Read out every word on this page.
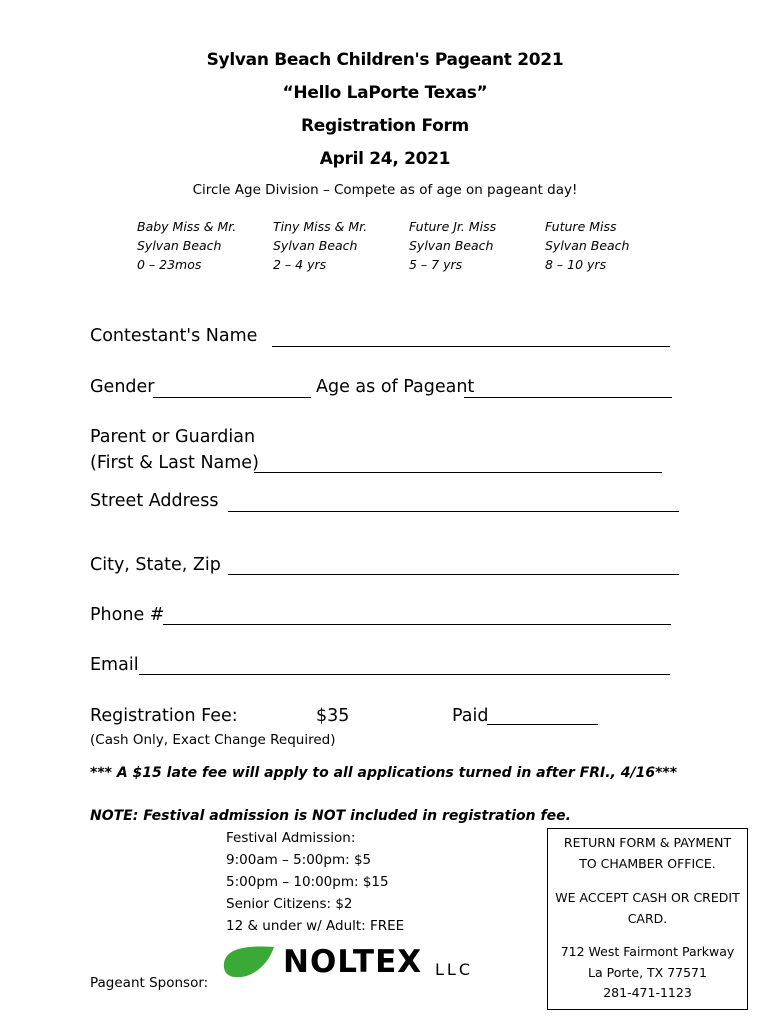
Sylvan Beach Children's Pageant 2021
“Hello LaPorte Texas”
Registration Form
April 24, 2021
Circle Age Division – Compete as of age on pageant day!
Baby Miss & Mr.
Sylvan Beach
0 – 23mos
Tiny Miss & Mr.
Sylvan Beach
2 – 4 yrs
Future Jr. Miss
Sylvan Beach
5 – 7 yrs
Future Miss
Sylvan Beach
8 – 10 yrs
Contestant's Name
Gender	Age as of Pageant
Parent or Guardian
(First & Last Name)
Street Address
City, State, Zip
Phone #
Email
Registration Fee:	$35	Paid
(Cash Only, Exact Change Required)
*** A $15 late fee will apply to all applications turned in after FRI., 4/16***
NOTE: Festival admission is NOT included in registration fee.
Festival Admission:
9:00am – 5:00pm: $5
5:00pm – 10:00pm: $15
Senior Citizens: $2
12 & under w/ Adult: FREE
Pageant Sponsor:
NOLTEX LLC
RETURN FORM & PAYMENT
TO CHAMBER OFFICE.
WE ACCEPT CASH OR CREDIT
CARD.
712 West Fairmont Parkway
La Porte, TX 77571
281-471-1123
